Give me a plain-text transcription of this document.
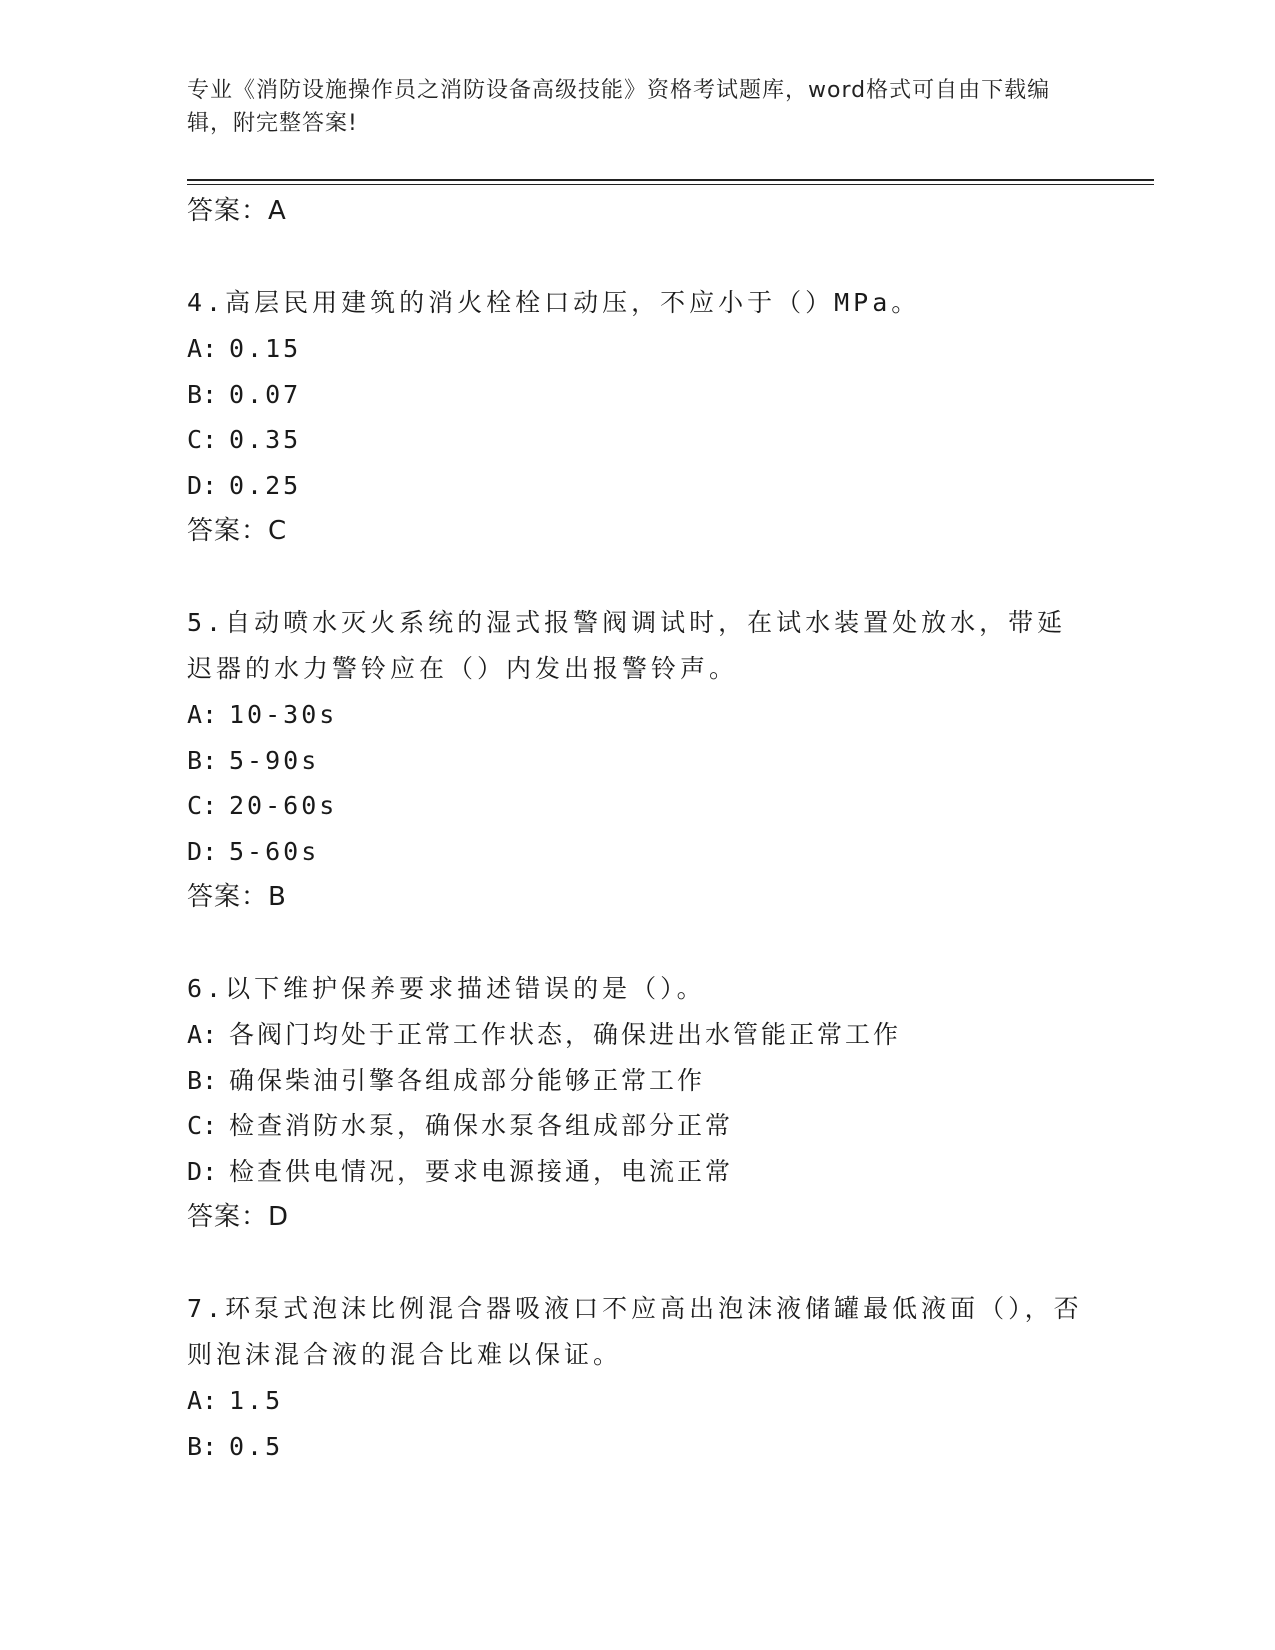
专业《消防设施操作员之消防设备高级技能》资格考试题库，word格式可自由下载编辑，附完整答案!
答案：A
4.高层民用建筑的消火栓栓口动压，不应小于（）MPa。
A: 0.15
B: 0.07
C: 0.35
D: 0.25
答案：C
5.自动喷水灭火系统的湿式报警阀调试时，在试水装置处放水，带延迟器的水力警铃应在（）内发出报警铃声。
A: 10-30s
B: 5-90s
C: 20-60s
D: 5-60s
答案：B
6.以下维护保养要求描述错误的是（）。
A: 各阀门均处于正常工作状态，确保进出水管能正常工作
B: 确保柴油引擎各组成部分能够正常工作
C: 检查消防水泵，确保水泵各组成部分正常
D: 检查供电情况，要求电源接通，电流正常
答案：D
7.环泵式泡沫比例混合器吸液口不应高出泡沫液储罐最低液面（），否则泡沫混合液的混合比难以保证。
A: 1.5
B: 0.5
